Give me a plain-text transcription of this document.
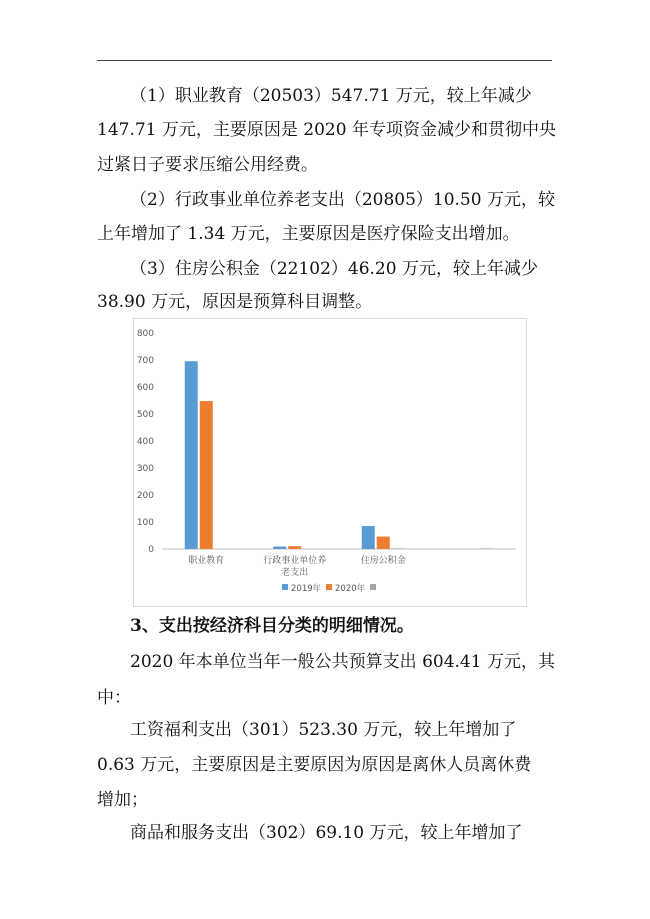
（1）职业教育（20503）547.71 万元，较上年减少
147.71 万元，主要原因是 2020 年专项资金减少和贯彻中央
过紧日子要求压缩公用经费。
（2）行政事业单位养老支出（20805）10.50 万元，较
上年增加了 1.34 万元，主要原因是医疗保险支出增加。
（3）住房公积金（22102）46.20 万元，较上年减少
38.90 万元，原因是预算科目调整。
0
100
200
300
400
500
600
700
800
职业教育	行政事业单位养
老支出
住房公积金
2019年 2020年
3、支出按经济科目分类的明细情况。
2020 年本单位当年一般公共预算支出 604.41 万元，其
中：
工资福利支出（301）523.30 万元，较上年增加了
0.63 万元，主要原因是主要原因为原因是离休人员离休费
增加；
商品和服务支出（302）69.10 万元，较上年增加了
